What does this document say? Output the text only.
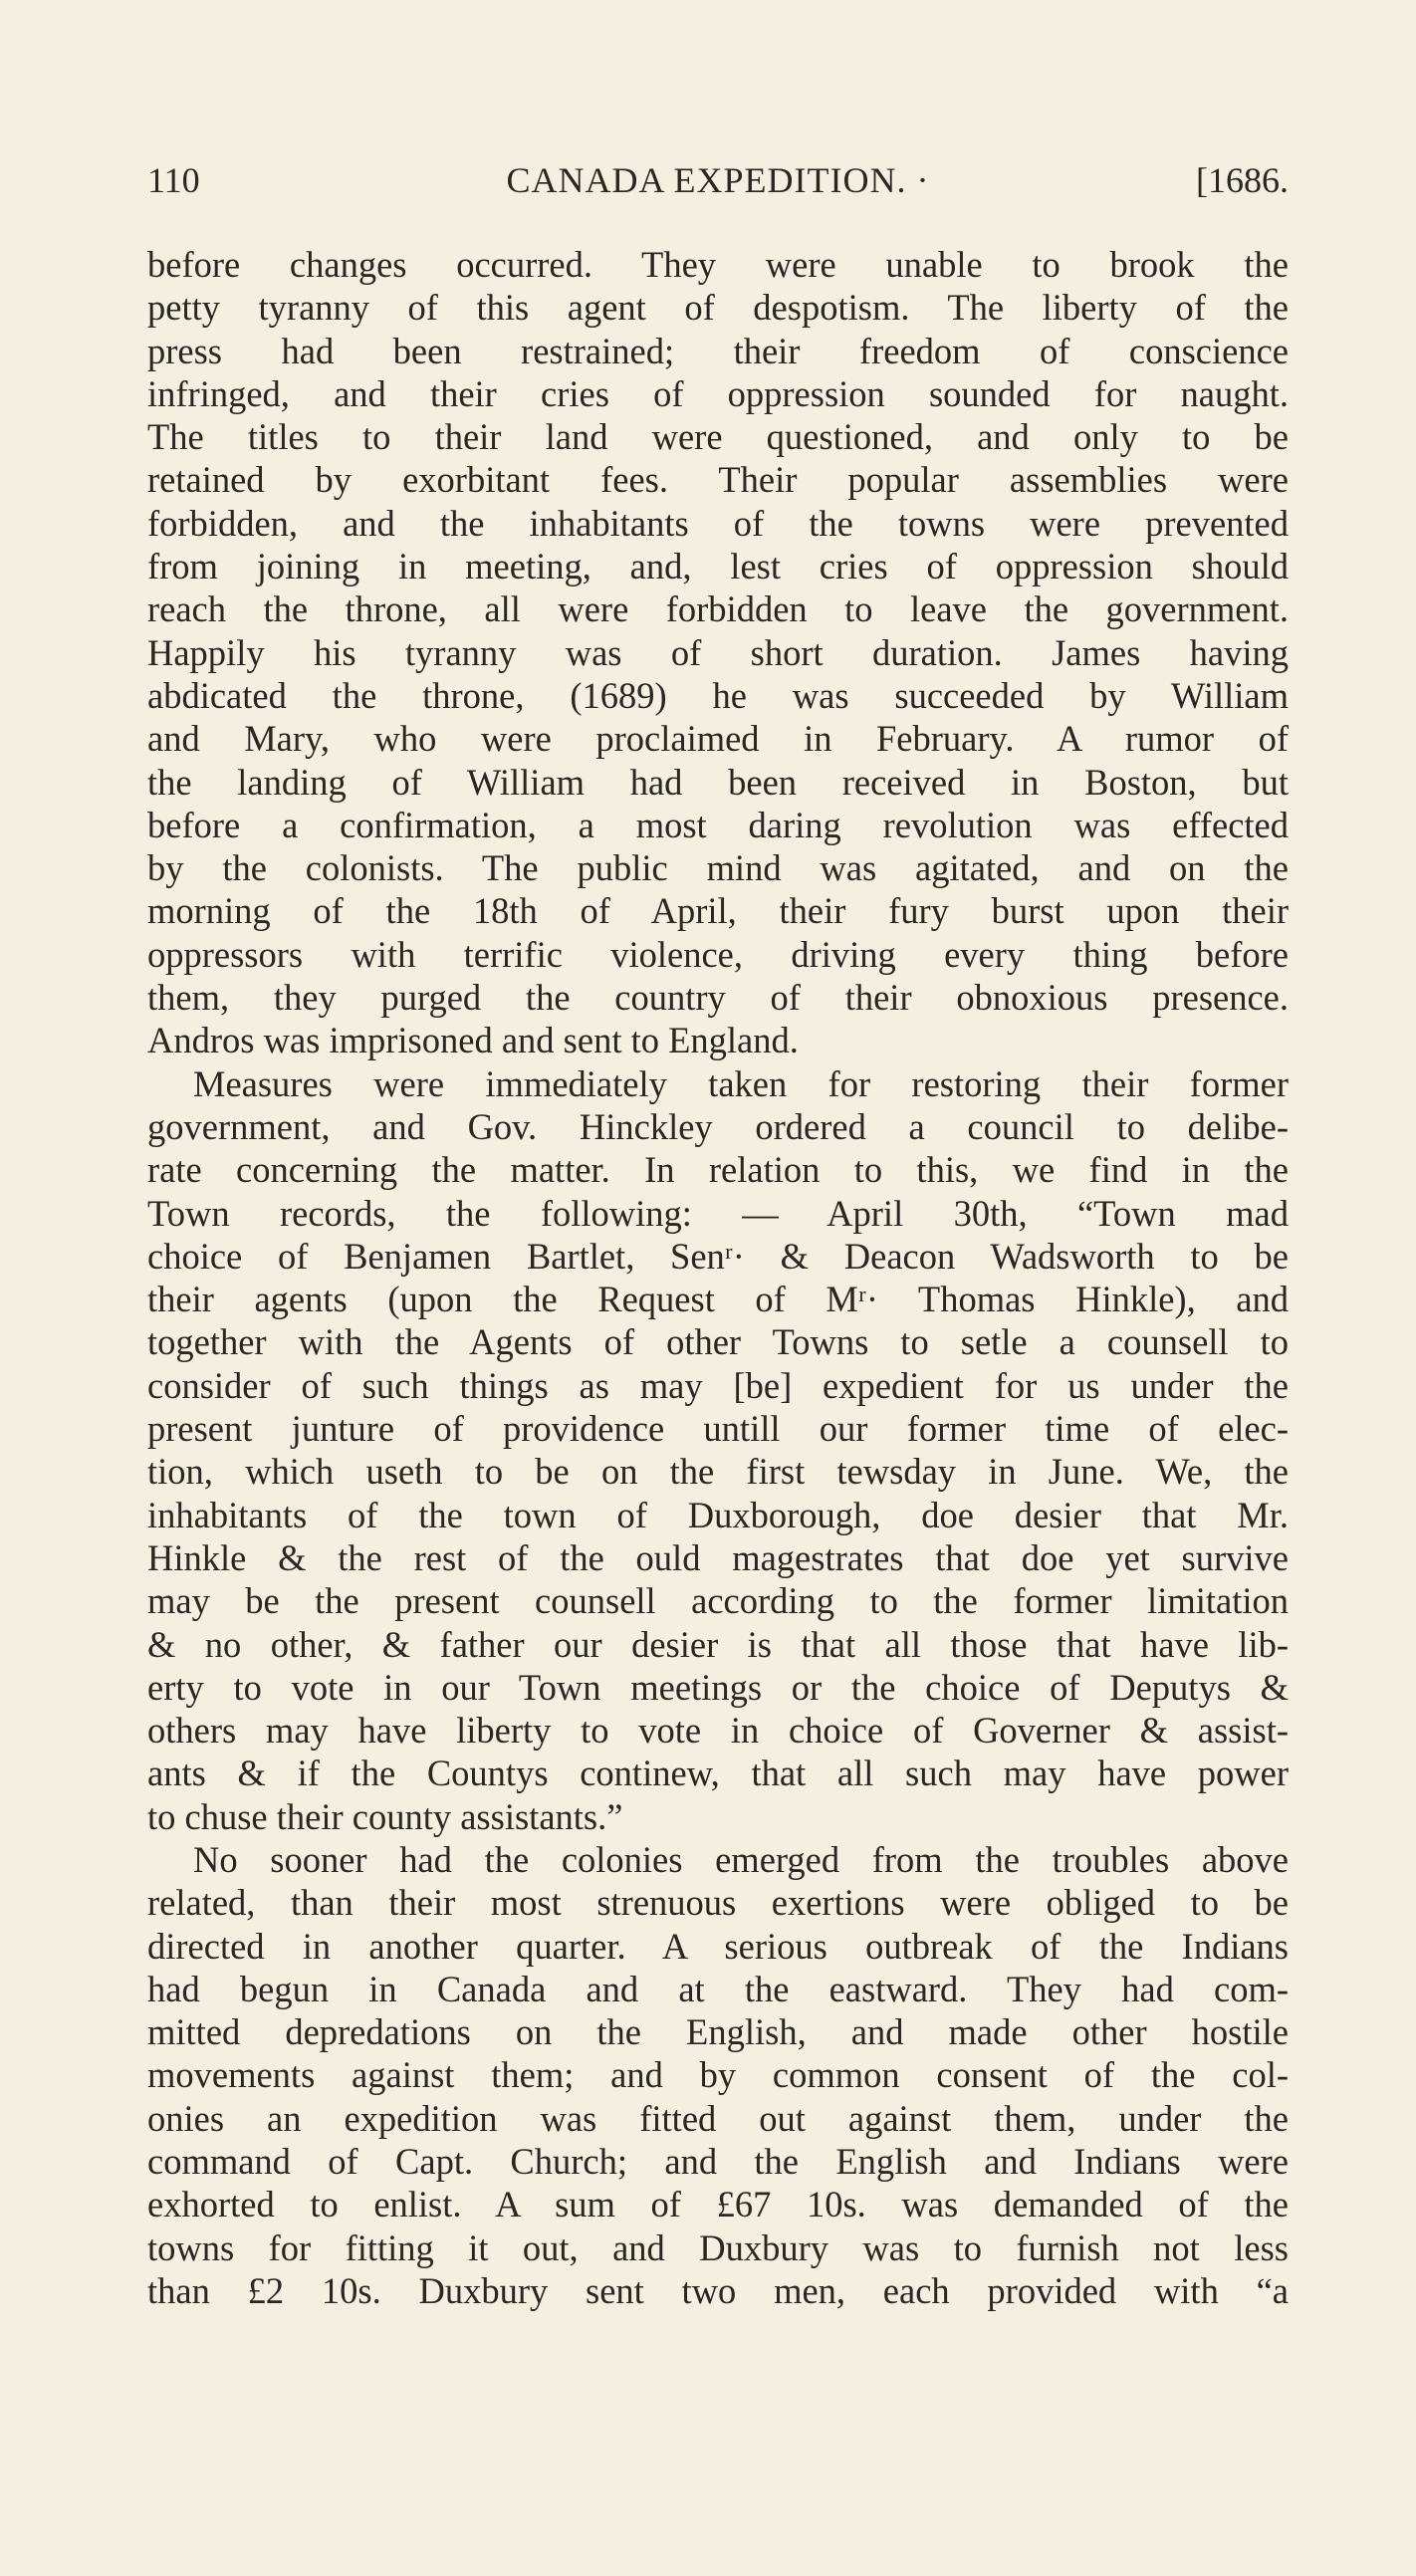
110	CANADA EXPEDITION. ·	[1686.
before changes occurred. They were unable to brook the
petty tyranny of this agent of despotism. The liberty of the
press had been restrained; their freedom of conscience
infringed, and their cries of oppression sounded for naught.
The titles to their land were questioned, and only to be
retained by exorbitant fees. Their popular assemblies were
forbidden, and the inhabitants of the towns were prevented
from joining in meeting, and, lest cries of oppression should
reach the throne, all were forbidden to leave the government.
Happily his tyranny was of short duration. James having
abdicated the throne, (1689) he was succeeded by William
and Mary, who were proclaimed in February. A rumor of
the landing of William had been received in Boston, but
before a confirmation, a most daring revolution was effected
by the colonists. The public mind was agitated, and on the
morning of the 18th of April, their fury burst upon their
oppressors with terrific violence, driving every thing before
them, they purged the country of their obnoxious presence.
Andros was imprisoned and sent to England.
Measures were immediately taken for restoring their former
government, and Gov. Hinckley ordered a council to delibe-
rate concerning the matter. In relation to this, we find in the
Town records, the following: — April 30th, “Town mad
choice of Benjamen Bartlet, Senʳ· & Deacon Wadsworth to be
their agents (upon the Request of Mʳ· Thomas Hinkle), and
together with the Agents of other Towns to setle a counsell to
consider of such things as may [be] expedient for us under the
present junture of providence untill our former time of elec-
tion, which useth to be on the first tewsday in June. We, the
inhabitants of the town of Duxborough, doe desier that Mr.
Hinkle & the rest of the ould magestrates that doe yet survive
may be the present counsell according to the former limitation
& no other, & father our desier is that all those that have lib-
erty to vote in our Town meetings or the choice of Deputys &
others may have liberty to vote in choice of Governer & assist-
ants & if the Countys continew, that all such may have power
to chuse their county assistants.”
No sooner had the colonies emerged from the troubles above
related, than their most strenuous exertions were obliged to be
directed in another quarter. A serious outbreak of the Indians
had begun in Canada and at the eastward. They had com-
mitted depredations on the English, and made other hostile
movements against them; and by common consent of the col-
onies an expedition was fitted out against them, under the
command of Capt. Church; and the English and Indians were
exhorted to enlist. A sum of £67 10s. was demanded of the
towns for fitting it out, and Duxbury was to furnish not less
than £2 10s. Duxbury sent two men, each provided with “a
